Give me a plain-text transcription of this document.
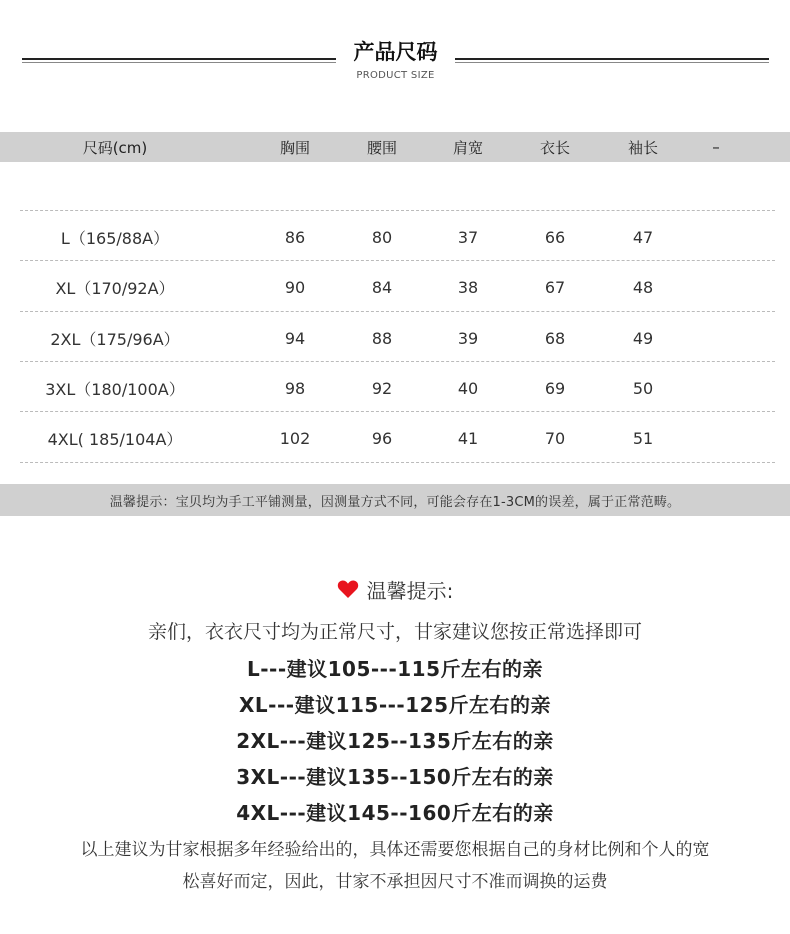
产品尺码
PRODUCT SIZE
尺码(cm)	胸围	腰围	肩宽	衣长	袖长	–
L（165/88A）	86	80	37	66	47
XL（170/92A）	90	84	38	67	48
2XL（175/96A）	94	88	39	68	49
3XL（180/100A）	98	92	40	69	50
4XL( 185/104A）	102	96	41	70	51
温馨提示：宝贝均为手工平铺测量，因测量方式不同，可能会存在1-3CM的误差，属于正常范畴。
温馨提示:
亲们，衣衣尺寸均为正常尺寸，甘家建议您按正常选择即可
L---建议105---115斤左右的亲
XL---建议115---125斤左右的亲
2XL---建议125--135斤左右的亲
3XL---建议135--150斤左右的亲
4XL---建议145--160斤左右的亲
以上建议为甘家根据多年经验给出的，具体还需要您根据自己的身材比例和个人的宽
松喜好而定，因此，甘家不承担因尺寸不准而调换的运费
